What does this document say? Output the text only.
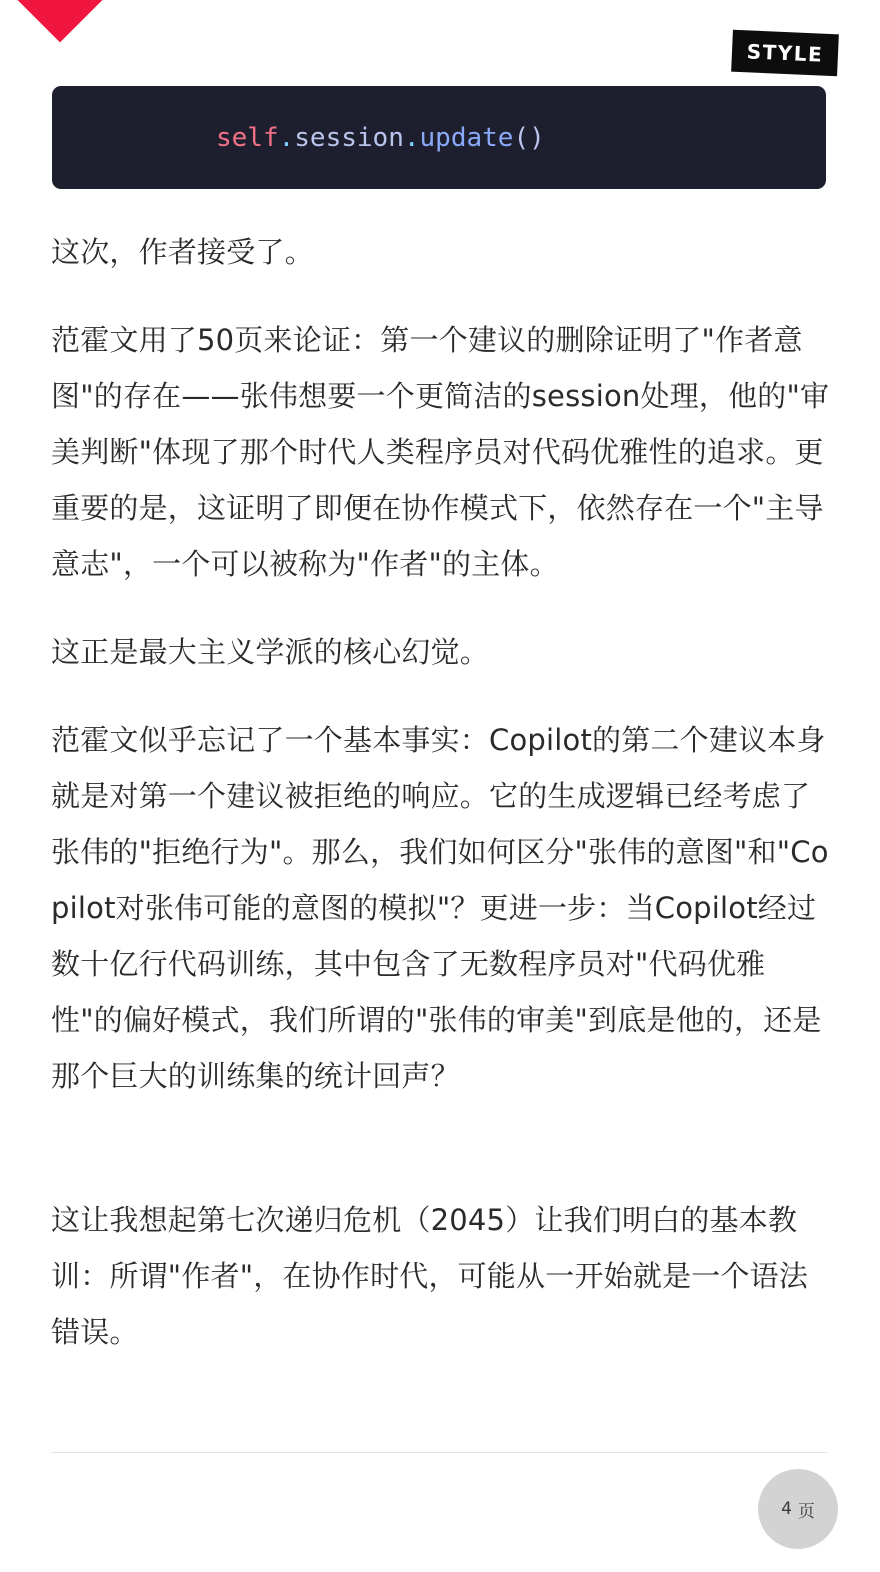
STYLE
self . session . update ()

这次，作者接受了。

范霍文用了50页来论证：第一个建议的删除证明了"作者意图"的存在——张伟想要一个更简洁的session处理，他的"审美判断"体现了那个时代人类程序员对代码优雅性的追求。更重要的是，这证明了即便在协作模式下，依然存在一个"主导意志"，一个可以被称为"作者"的主体。

这正是最大主义学派的核心幻觉。

范霍文似乎忘记了一个基本事实：Copilot的第二个建议本身就是对第一个建议被拒绝的响应。它的生成逻辑已经考虑了张伟的"拒绝行为"。那么，我们如何区分"张伟的意图"和"Copilot对张伟可能的意图的模拟"？更进一步：当Copilot经过数十亿行代码训练，其中包含了无数程序员对"代码优雅性"的偏好模式，我们所谓的"张伟的审美"到底是他的，还是那个巨大的训练集的统计回声？

这让我想起第七次递归危机（2045）让我们明白的基本教训：所谓"作者"，在协作时代，可能从一开始就是一个语法错误。

4 页
